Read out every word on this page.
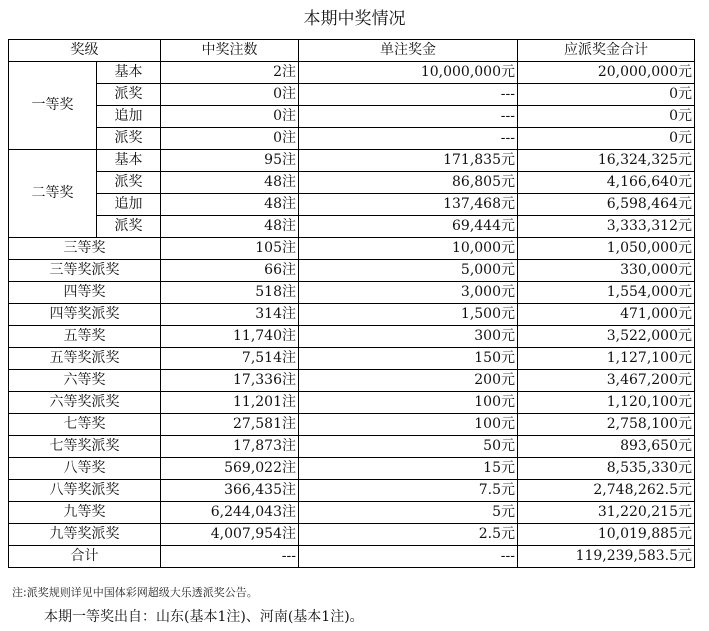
本期中奖情况
奖级		中奖注数	单注奖金	应派奖金合计
一等奖	基本	2注	10,000,000元	20,000,000元
	派奖	0注	---	0元
	追加	0注	---	0元
	派奖	0注	---	0元
二等奖	基本	95注	171,835元	16,324,325元
	派奖	48注	86,805元	4,166,640元
	追加	48注	137,468元	6,598,464元
	派奖	48注	69,444元	3,333,312元
三等奖		105注	10,000元	1,050,000元
三等奖派奖		66注	5,000元	330,000元
四等奖		518注	3,000元	1,554,000元
四等奖派奖		314注	1,500元	471,000元
五等奖		11,740注	300元	3,522,000元
五等奖派奖		7,514注	150元	1,127,100元
六等奖		17,336注	200元	3,467,200元
六等奖派奖		11,201注	100元	1,120,100元
七等奖		27,581注	100元	2,758,100元
七等奖派奖		17,873注	50元	893,650元
八等奖		569,022注	15元	8,535,330元
八等奖派奖		366,435注	7.5元	2,748,262.5元
九等奖		6,244,043注	5元	31,220,215元
九等奖派奖		4,007,954注	2.5元	10,019,885元
合计		---	---	119,239,583.5元
注:派奖规则详见中国体彩网超级大乐透派奖公告。
本期一等奖出自：山东(基本1注)、河南(基本1注)。
